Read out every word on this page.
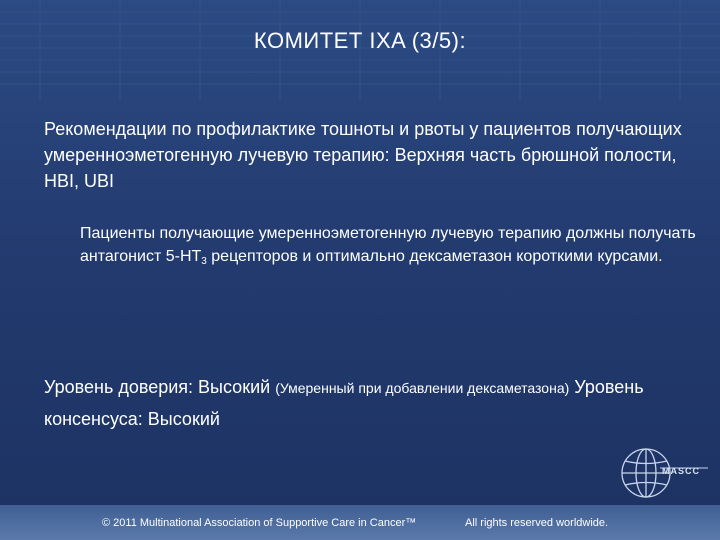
КОМИТЕТ IXA (3/5):
Рекомендации по профилактике тошноты и рвоты у пациентов получающих умеренноэметогенную лучевую терапию: Верхняя часть брюшной полости, HBI, UBI
Пациенты получающие умеренноэметогенную лучевую терапию должны получать антагонист $5-HT_3$ рецепторов и оптимально дексаметазон короткими курсами.
Уровень доверия: Высокий (Умеренный при добавлении дексаметазона) Уровень консенсуса: Высокий
MASCC
© 2011 Multinational Association of Supportive Care in Cancer™	All rights reserved worldwide.
